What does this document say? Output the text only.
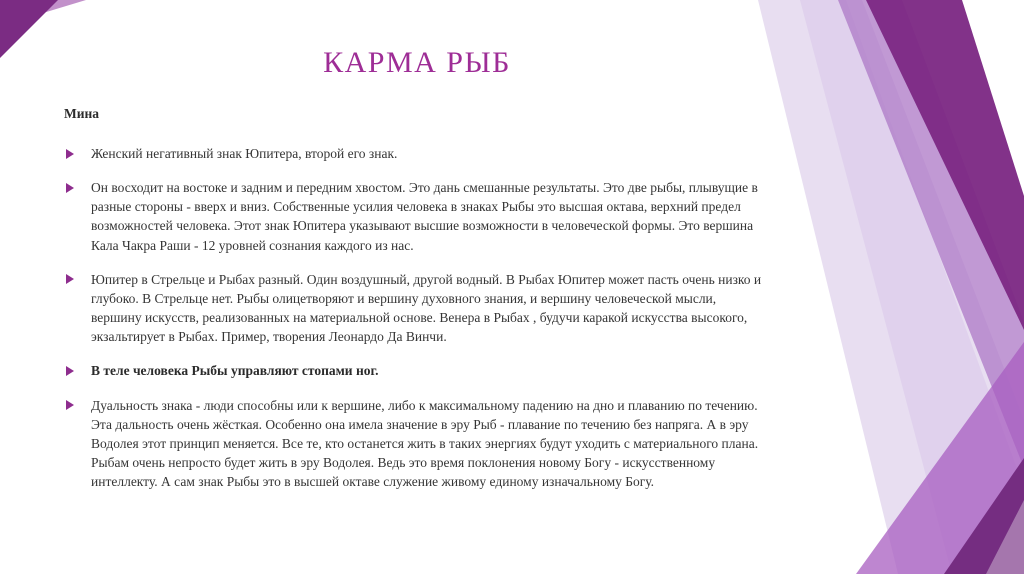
КАРМА РЫБ

Мина

Женский негативный знак Юпитера, второй его знак.
Он восходит на востоке и задним и передним хвостом. Это дань смешанные результаты. Это две рыбы, плывущие в разные стороны - вверх и вниз. Собственные усилия человека в знаках Рыбы это высшая октава, верхний предел возможностей человека. Этот знак Юпитера указывают высшие возможности в человеческой формы. Это вершина Кала Чакра Раши - 12 уровней сознания каждого из нас.
Юпитер в Стрельце и Рыбах разный. Один воздушный, другой водный. В Рыбах Юпитер может пасть очень низко и глубоко. В Стрельце нет. Рыбы олицетворяют и вершину духовного знания, и вершину человеческой мысли, вершину искусств, реализованных на материальной основе. Венера в Рыбах , будучи каракой искусства высокого, экзальтирует в Рыбах. Пример, творения Леонардо Да Винчи.
В теле человека Рыбы управляют стопами ног.
Дуальность знака - люди способны или к вершине, либо к максимальному падению на дно и плаванию по течению. Эта дальность очень жёсткая. Особенно она имела значение в эру Рыб - плавание по течению без напряга. А в эру Водолея этот принцип меняется. Все те, кто останется жить в таких энергиях будут уходить с материального плана. Рыбам очень непросто будет жить в эру Водолея. Ведь это время поклонения новому Богу - искусственному интеллекту. А сам знак Рыбы это в высшей октаве служение живому единому изначальному Богу.
